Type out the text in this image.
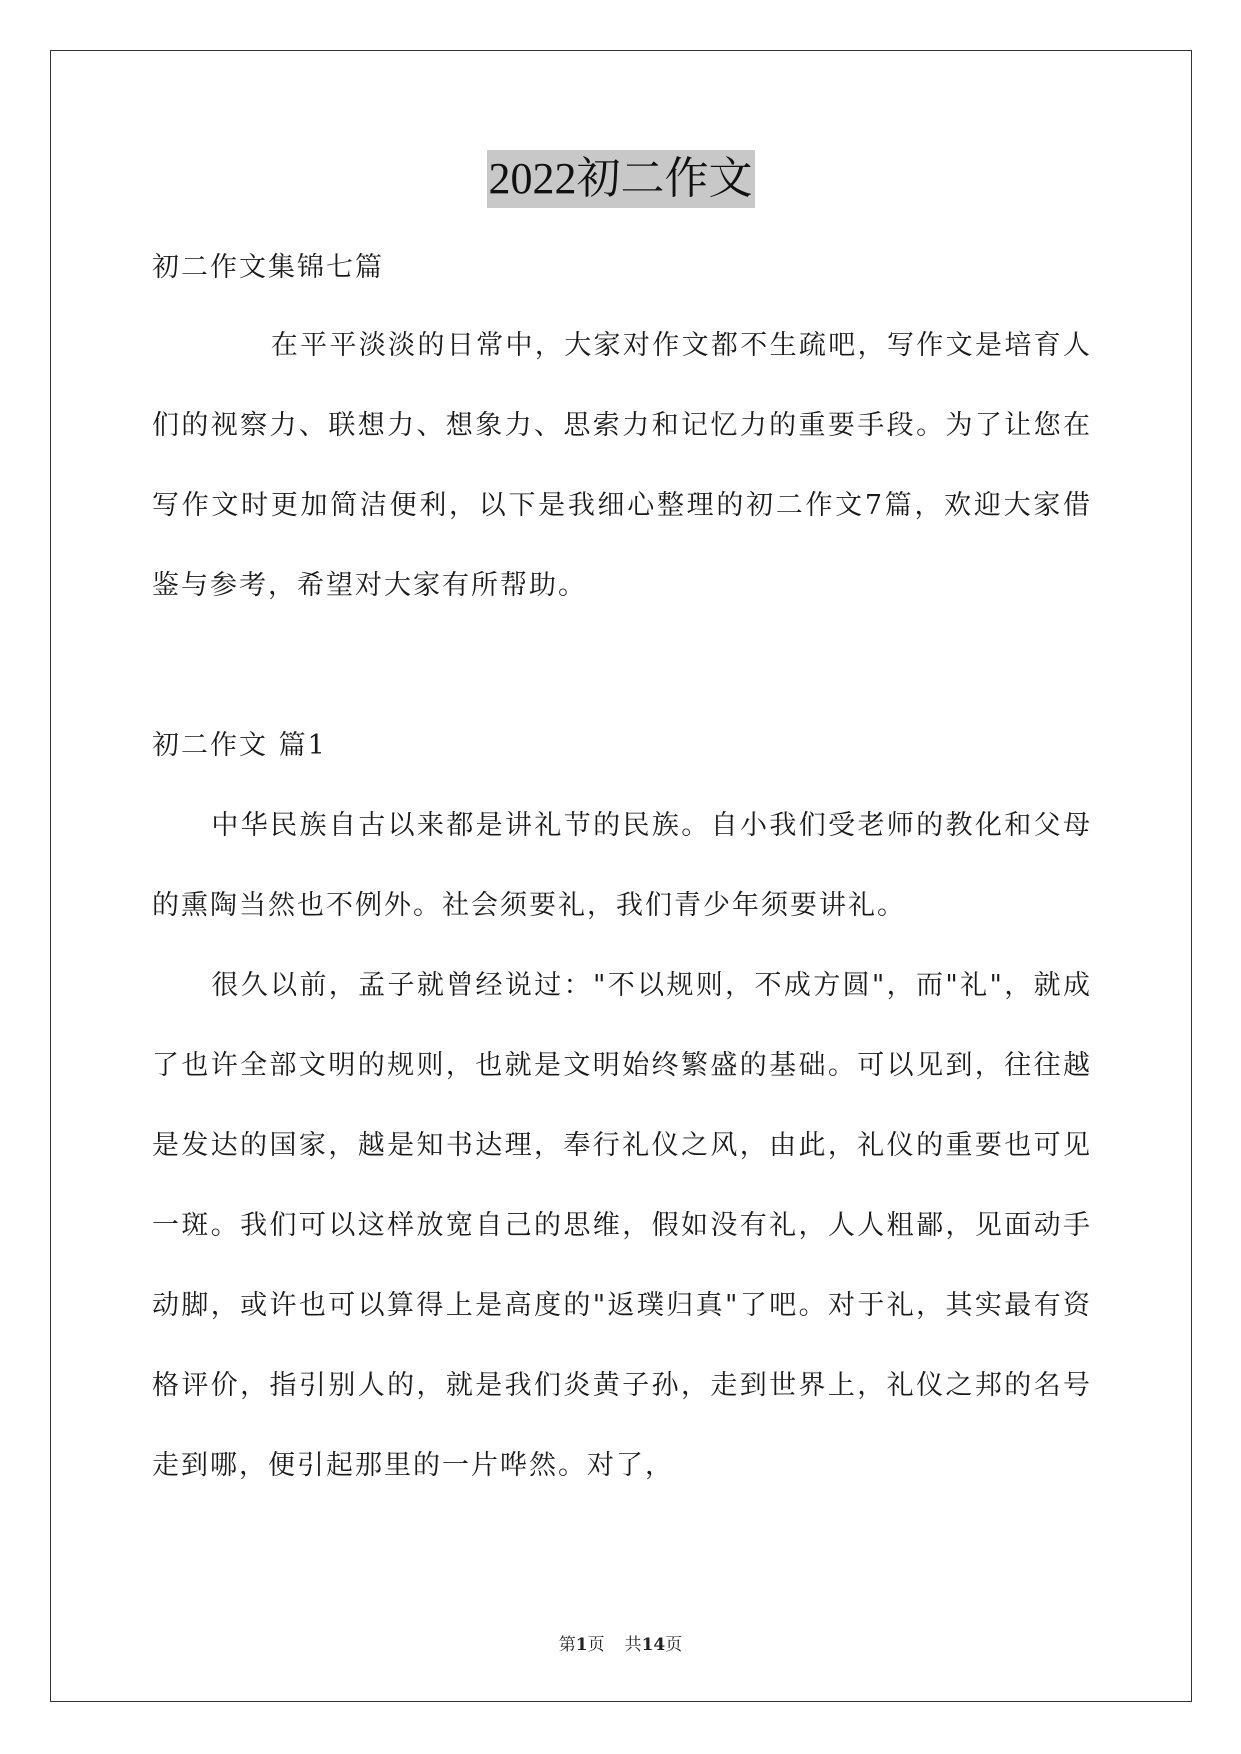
2022初二作文

初二作文集锦七篇

在平平淡淡的日常中，大家对作文都不生疏吧，写作文是培育人们的视察力、联想力、想象力、思索力和记忆力的重要手段。为了让您在写作文时更加简洁便利，以下是我细心整理的初二作文7篇，欢迎大家借鉴与参考，希望对大家有所帮助。

初二作文 篇1

中华民族自古以来都是讲礼节的民族。自小我们受老师的教化和父母的熏陶当然也不例外。社会须要礼，我们青少年须要讲礼。

很久以前，孟子就曾经说过："不以规则，不成方圆"，而"礼"，就成了也许全部文明的规则，也就是文明始终繁盛的基础。可以见到，往往越是发达的国家，越是知书达理，奉行礼仪之风，由此，礼仪的重要也可见一斑。我们可以这样放宽自己的思维，假如没有礼，人人粗鄙，见面动手动脚，或许也可以算得上是高度的"返璞归真"了吧。对于礼，其实最有资格评价，指引别人的，就是我们炎黄子孙，走到世界上，礼仪之邦的名号走到哪，便引起那里的一片哗然。对了，

第1页 共14页
